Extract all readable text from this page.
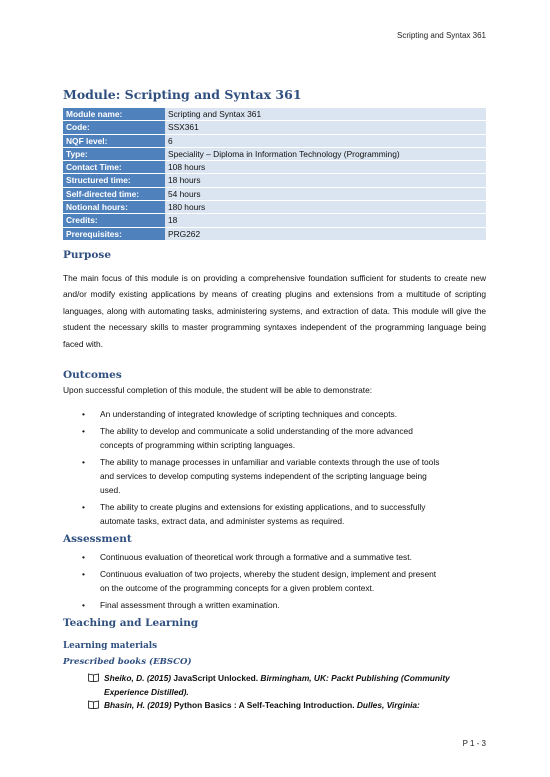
Scripting and Syntax 361
Module: Scripting and Syntax 361
Module name:	Scripting and Syntax 361
Code:	SSX361
NQF level:	6
Type:	Speciality – Diploma in Information Technology (Programming)
Contact Time:	108 hours
Structured time:	18 hours
Self-directed time:	54 hours
Notional hours:	180 hours
Credits:	18
Prerequisites:	PRG262
Purpose

The main focus of this module is on providing a comprehensive foundation sufficient for students to create new and/or modify existing applications by means of creating plugins and extensions from a multitude of scripting languages, along with automating tasks, administering systems, and extraction of data. This module will give the student the necessary skills to master programming syntaxes independent of the programming language being faced with.

Outcomes

Upon successful completion of this module, the student will be able to demonstrate:

• An understanding of integrated knowledge of scripting techniques and concepts.
• The ability to develop and communicate a solid understanding of the more advanced
concepts of programming within scripting languages.
• The ability to manage processes in unfamiliar and variable contexts through the use of tools
and services to develop computing systems independent of the scripting language being
used.
• The ability to create plugins and extensions for existing applications, and to successfully
automate tasks, extract data, and administer systems as required.
Assessment
• Continuous evaluation of theoretical work through a formative and a summative test.
• Continuous evaluation of two projects, whereby the student design, implement and present
on the outcome of the programming concepts for a given problem context.
• Final assessment through a written examination.
Teaching and Learning
Learning materials
Prescribed books (EBSCO)
Sheiko, D. (2015) JavaScript Unlocked. Birmingham, UK: Packt Publishing (Community
Experience Distilled).
Bhasin, H. (2019) Python Basics : A Self-Teaching Introduction. Dulles, Virginia:
P 1 - 3
